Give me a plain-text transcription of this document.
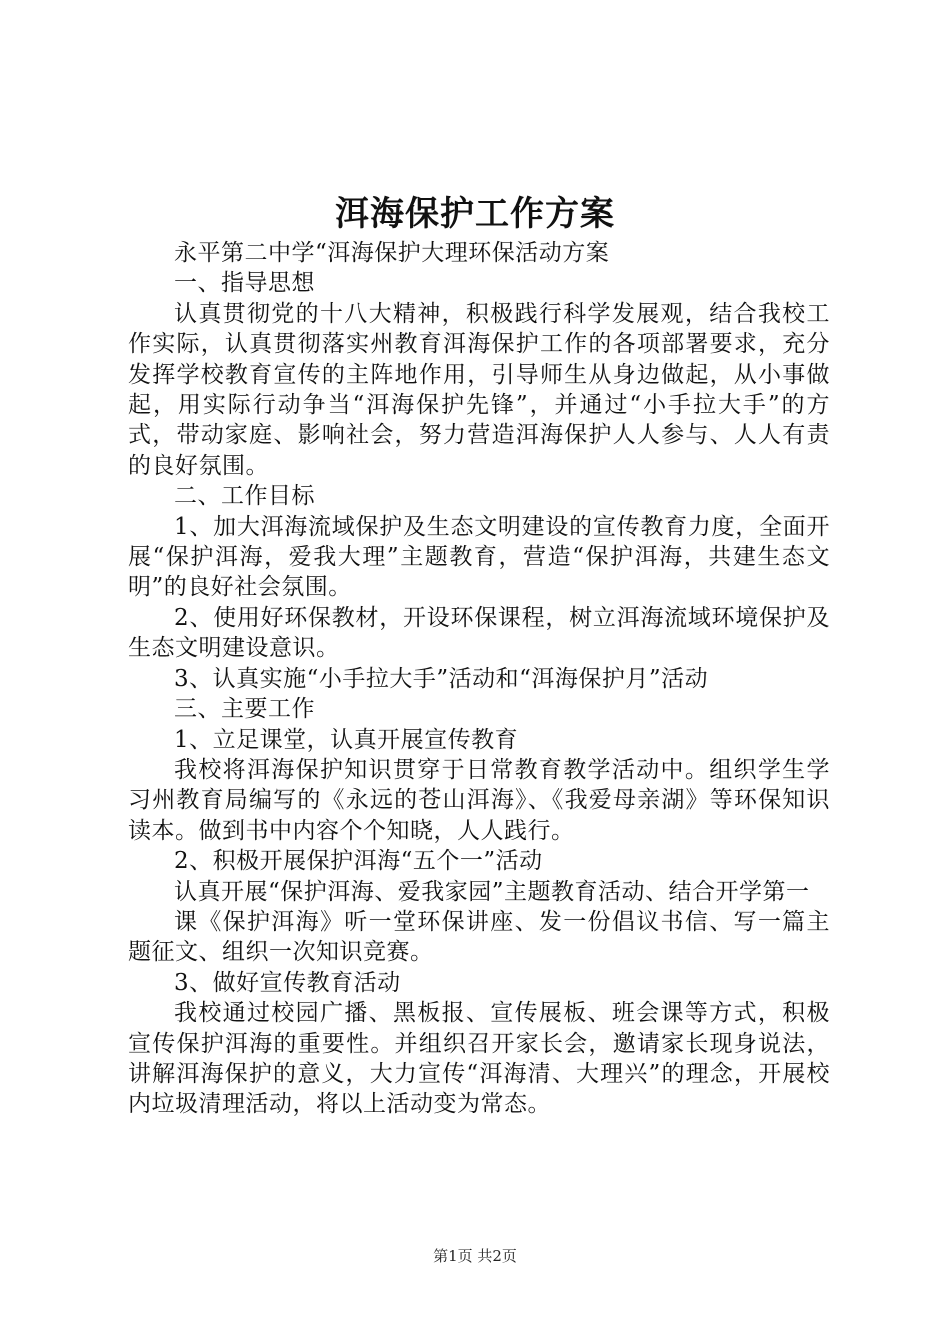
洱海保护工作方案

永平第二中学“洱海保护大理环保活动方案

一、指导思想

认真贯彻党的十八大精神，积极践行科学发展观，结合我校工作实际，认真贯彻落实州教育洱海保护工作的各项部署要求，充分发挥学校教育宣传的主阵地作用，引导师生从身边做起，从小事做起，用实际行动争当“洱海保护先锋”，并通过“小手拉大手”的方式，带动家庭、影响社会，努力营造洱海保护人人参与、人人有责的良好氛围。

二、工作目标

1、加大洱海流域保护及生态文明建设的宣传教育力度，全面开展“保护洱海，爱我大理”主题教育，营造“保护洱海，共建生态文明”的良好社会氛围。

2、使用好环保教材，开设环保课程，树立洱海流域环境保护及生态文明建设意识。

3、认真实施“小手拉大手”活动和“洱海保护月”活动

三、主要工作

1、立足课堂，认真开展宣传教育

我校将洱海保护知识贯穿于日常教育教学活动中。组织学生学习州教育局编写的《永远的苍山洱海》、《我爱母亲湖》等环保知识读本。做到书中内容个个知晓，人人践行。

2、积极开展保护洱海“五个一”活动

认真开展“保护洱海、爱我家园”主题教育活动、结合开学第一

课《保护洱海》听一堂环保讲座、发一份倡议书信、写一篇主题征文、组织一次知识竞赛。

3、做好宣传教育活动

我校通过校园广播、黑板报、宣传展板、班会课等方式，积极宣传保护洱海的重要性。并组织召开家长会，邀请家长现身说法，讲解洱海保护的意义，大力宣传“洱海清、大理兴”的理念，开展校内垃圾清理活动，将以上活动变为常态。

第1页 共2页
